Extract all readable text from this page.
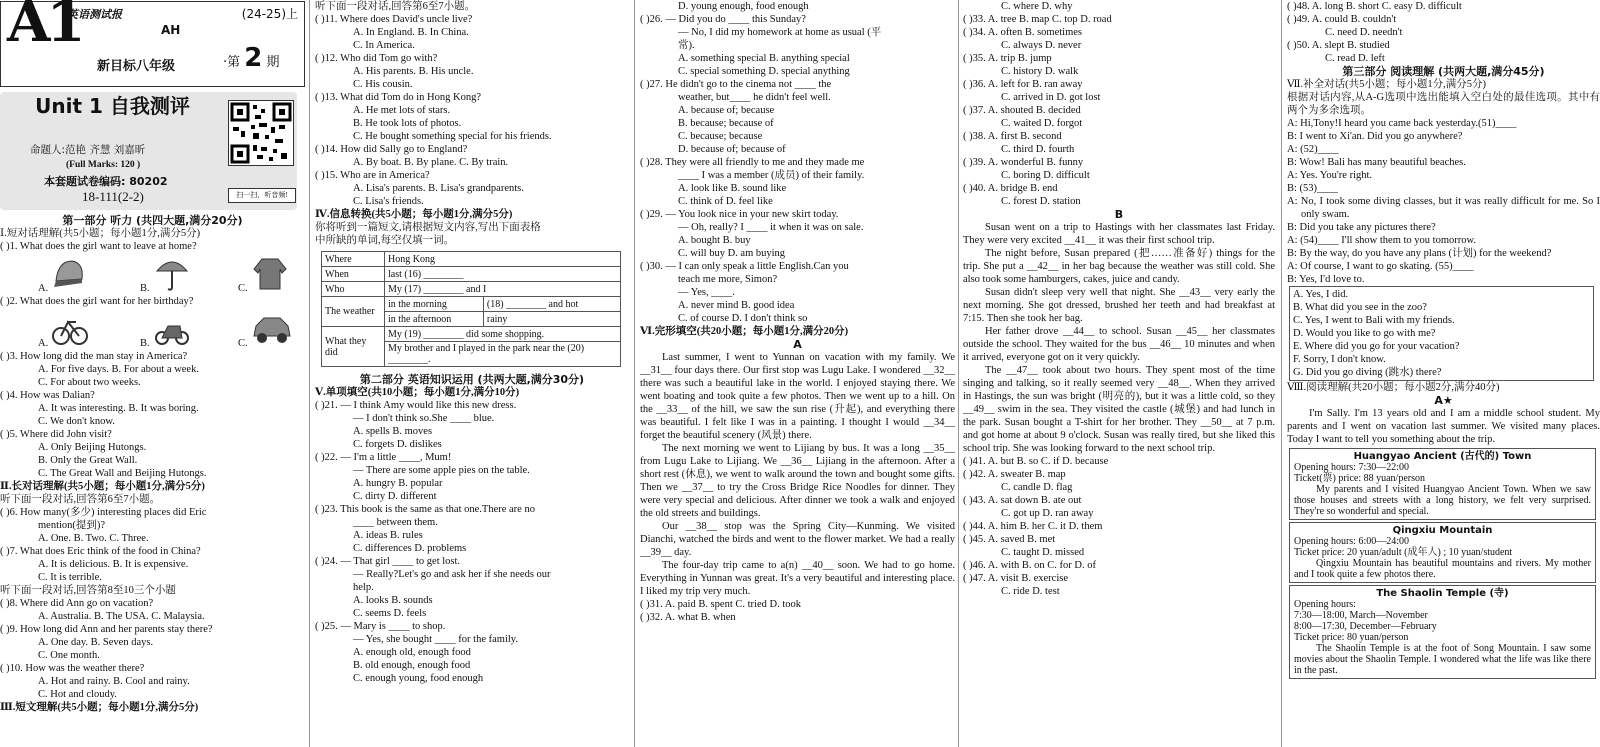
英语测试报
A1	AH
(24-25)上
新目标八年级	·第 2 期
Unit 1 自我测评
命题人:范艳 齐慧 刘嘉昕
(Full Marks: 120 )
本套题试卷编码: 80202
18-111(2-2)	扫一扫，听音频!
第一部分 听力 (共四大题,满分20分)
Ⅰ.短对话理解(共5小题；每小题1分,满分5分)
( )1. What does the girl want to leave at home?
A.	B.	C.
( )2. What does the girl want for her birthday?
A.	B.	C.
( )3. How long did the man stay in America?
A. For five days. B. For about a week.
C. For about two weeks.
( )4. How was Dalian?
A. It was interesting. B. It was boring.
C. We don't know.
( )5. Where did John visit?
A. Only Beijing Hutongs.
B. Only the Great Wall.
C. The Great Wall and Beijing Hutongs.
Ⅱ.长对话理解(共5小题；每小题1分,满分5分)
听下面一段对话,回答第6至7小题。
( )6. How many(多少) interesting places did Eric
mention(提到)?
A. One. B. Two. C. Three.
( )7. What does Eric think of the food in China?
A. It is delicious. B. It is expensive.
C. It is terrible.
听下面一段对话,回答第8至10三个小题
( )8. Where did Ann go on vacation?
A. Australia. B. The USA. C. Malaysia.
( )9. How long did Ann and her parents stay there?
A. One day. B. Seven days.
C. One month.
( )10. How was the weather there?
A. Hot and rainy. B. Cool and rainy.
C. Hot and cloudy.
Ⅲ.短文理解(共5小题；每小题1分,满分5分)
听下面一段对话,回答第6至7小题。
( )11. Where does David's uncle live?
A. In England. B. In China.
C. In America.
( )12. Who did Tom go with?
A. His parents. B. His uncle.
C. His cousin.
( )13. What did Tom do in Hong Kong?
A. He met lots of stars.
B. He took lots of photos.
C. He bought something special for his friends.
( )14. How did Sally go to England?
A. By boat. B. By plane. C. By train.
( )15. Who are in America?
A. Lisa's parents. B. Lisa's grandparents.
C. Lisa's friends.
Ⅳ.信息转换(共5小题；每小题1分,满分5分)
你将听到一篇短文,请根据短文内容,写出下面表格
中所缺的单词,每空仅填一词。
Where	Hong Kong	
When	last (16) ________	
Who	My (17) ________ and I	
The weather	in the morning	(18) ________ and hot
	in the afternoon	rainy
What they did	My (19) ________ did some shopping.	
	My brother and I played in the park near the (20) ________.	
第二部分 英语知识运用 (共两大题,满分30分)
Ⅴ.单项填空(共10小题；每小题1分,满分10分)
( )21. — I think Amy would like this new dress.
— I don't think so.She ____ blue.
A. spells B. moves
C. forgets D. dislikes
( )22. — I'm a little ____, Mum!
— There are some apple pies on the table.
A. hungry B. popular
C. dirty D. different
( )23. This book is the same as that one.There are no
____ between them.
A. ideas B. rules
C. differences D. problems
( )24. — That girl ____ to get lost.
— Really?Let's go and ask her if she needs our
help.
A. looks B. sounds
C. seems D. feels
( )25. — Mary is ____ to shop.
— Yes, she bought ____ for the family.
A. enough old, enough food
B. old enough, enough food
C. enough young, food enough
D. young enough, food enough
( )26. — Did you do ____ this Sunday?
— No, I did my homework at home as usual (平
常).
A. something special B. anything special
C. special something D. special anything
( )27. He didn't go to the cinema not ____ the
weather, but____ he didn't feel well.
A. because of; because
B. because; because of
C. because; because
D. because of; because of
( )28. They were all friendly to me and they made me
____ I was a member (成员) of their family.
A. look like B. sound like
C. think of D. feel like
( )29. — You look nice in your new skirt today.
— Oh, really? I ____ it when it was on sale.
A. bought B. buy
C. will buy D. am buying
( )30. — I can only speak a little English.Can you
teach me more, Simon?
— Yes, ____.
A. never mind B. good idea
C. of course D. I don't think so
Ⅵ.完形填空(共20小题；每小题1分,满分20分)
A
Last summer, I went to Yunnan on vacation with my family. We __31__ four days there. Our first stop was Lugu Lake. I wondered __32__ there was such a beautiful lake in the world. I enjoyed staying there. We went boating and took quite a few photos. Then we went up to a hill. On the __33__ of the hill, we saw the sun rise (升起), and everything there was beautiful. I felt like I was in a painting. I thought I would __34__ forget the beautiful scenery (风景) there.
The next morning we went to Lijiang by bus. It was a long __35__ from Lugu Lake to Lijiang. We __36__ Lijiang in the afternoon. After a short rest (休息), we went to walk around the town and bought some gifts. Then we __37__ to try the Cross Bridge Rice Noodles for dinner. They were very special and delicious. After dinner we took a walk and enjoyed the old streets and buildings.
Our __38__ stop was the Spring City—Kunming. We visited Dianchi, watched the birds and went to the flower market. We had a really __39__ day.
The four-day trip came to a(n) __40__ soon. We had to go home. Everything in Yunnan was great. It's a very beautiful and interesting place. I liked my trip very much.
( )31. A. paid B. spent C. tried D. took
( )32. A. what B. when
C. where D. why
( )33. A. tree B. map C. top D. road
( )34. A. often B. sometimes
C. always D. never
( )35. A. trip B. jump
C. history D. walk
( )36. A. left for B. ran away
C. arrived in D. got lost
( )37. A. shouted B. decided
C. waited D. forgot
( )38. A. first B. second
C. third D. fourth
( )39. A. wonderful B. funny
C. boring D. difficult
( )40. A. bridge B. end
C. forest D. station
B
Susan went on a trip to Hastings with her classmates last Friday. They were very excited __41__ it was their first school trip.
The night before, Susan prepared (把……准备好) things for the trip. She put a __42__ in her bag because the weather was still cold. She also took some hamburgers, cakes, juice and candy.
Susan didn't sleep very well that night. She __43__ very early the next morning. She got dressed, brushed her teeth and had breakfast at 7:15. Then she took her bag.
Her father drove __44__ to school. Susan __45__ her classmates outside the school. They waited for the bus __46__ 10 minutes and when it arrived, everyone got on it very quickly.
The __47__ took about two hours. They spent most of the time singing and talking, so it really seemed very __48__. When they arrived in Hastings, the sun was bright (明亮的), but it was a little cold, so they __49__ swim in the sea. They visited the castle (城堡) and had lunch in the park. Susan bought a T-shirt for her brother. They __50__ at 7 p.m. and got home at about 9 o'clock. Susan was really tired, but she liked this school trip. She was looking forward to the next school trip.
( )41. A. but B. so C. if D. because
( )42. A. sweater B. map
C. candle D. flag
( )43. A. sat down B. ate out
C. got up D. ran away
( )44. A. him B. her C. it D. them
( )45. A. saved B. met
C. taught D. missed
( )46. A. with B. on C. for D. of
( )47. A. visit B. exercise
C. ride D. test
( )48. A. long B. short C. easy D. difficult
( )49. A. could B. couldn't
C. need D. needn't
( )50. A. slept B. studied
C. read D. left
第三部分 阅读理解 (共两大题,满分45分)
Ⅶ.补全对话(共5小题；每小题1分,满分5分)
根据对话内容,从A-G选项中选出能填入空白处的最佳选项。其中有两个为多余选项。
A: Hi,Tony!I heard you came back yesterday.(51)____
B: I went to Xi'an. Did you go anywhere?
A: (52)____
B: Wow! Bali has many beautiful beaches.
A: Yes. You're right.
B: (53)____
A: No, I took some diving classes, but it was really difficult for me. So I only swam.
B: Did you take any pictures there?
A: (54)____ I'll show them to you tomorrow.
B: By the way, do you have any plans (计划) for the weekend?
A: Of course, I want to go skating. (55)____
B: Yes, I'd love to.
A. Yes, I did.
B. What did you see in the zoo?
C. Yes, I went to Bali with my friends.
D. Would you like to go with me?
E. Where did you go for your vacation?
F. Sorry, I don't know.
G. Did you go diving (跳水) there?
Ⅷ.阅读理解(共20小题；每小题2分,满分40分)
A★
I'm Sally. I'm 13 years old and I am a middle school student. My parents and I went on vacation last summer. We visited many places. Today I want to tell you something about the trip.
Huangyao Ancient (古代的) Town
Opening hours: 7:30—22:00
Ticket(票) price: 88 yuan/person
My parents and I visited Huangyao Ancient Town. When we saw those houses and streets with a long history, we felt very surprised. They're so wonderful and special.
Qingxiu Mountain
Opening hours: 6:00—24:00
Ticket price: 20 yuan/adult (成年人) ; 10 yuan/student
Qingxiu Mountain has beautiful mountains and rivers. My mother and I took quite a few photos there.
The Shaolin Temple (寺)
Opening hours:
7:30—18:00, March—November
8:00—17:30, December—February
Ticket price: 80 yuan/person
The Shaolin Temple is at the foot of Song Mountain. I saw some movies about the Shaolin Temple. I wondered what the life was like there in the past.
